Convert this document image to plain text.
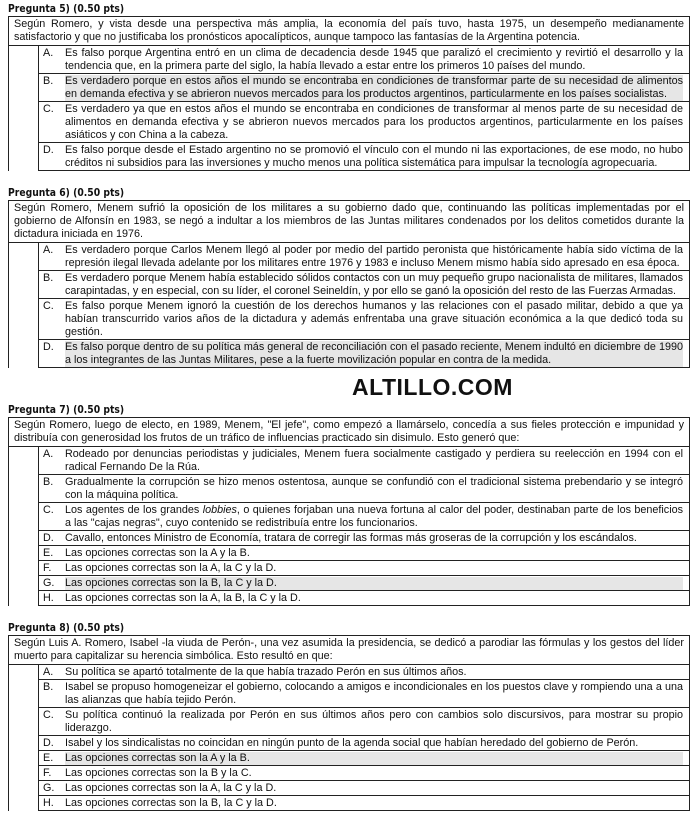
Pregunta 5) (0.50 pts)
Según Romero, y vista desde una perspectiva más amplia, la economía del país tuvo, hasta 1975, un desempeño medianamente satisfactorio y que no justificaba los pronósticos apocalípticos, aunque tampoco las fantasías de la Argentina potencia.	

	A. Es falso porque Argentina entró en un clima de decadencia desde 1945 que paralizó el crecimiento y revirtió el desarrollo y la tendencia que, en la primera parte del siglo, la había llevado a estar entre los primeros 10 países del mundo.

	B. Es verdadero porque en estos años el mundo se encontraba en condiciones de transformar parte de su necesidad de alimentos en demanda efectiva y se abrieron nuevos mercados para los productos argentinos, particularmente en los países socialistas.

	C. Es verdadero ya que en estos años el mundo se encontraba en condiciones de transformar al menos parte de su necesidad de alimentos en demanda efectiva y se abrieron nuevos mercados para los productos argentinos, particularmente en los países asiáticos y con China a la cabeza.

	D. Es falso porque desde el Estado argentino no se promovió el vínculo con el mundo ni las exportaciones, de ese modo, no hubo créditos ni subsidios para las inversiones y mucho menos una política sistemática para impulsar la tecnología agropecuaria.
Pregunta 6) (0.50 pts)
Según Romero, Menem sufrió la oposición de los militares a su gobierno dado que, continuando las políticas implementadas por el gobierno de Alfonsín en 1983, se negó a indultar a los miembros de las Juntas militares condenados por los delitos cometidos durante la dictadura iniciada en 1976.	

	A. Es verdadero porque Carlos Menem llegó al poder por medio del partido peronista que históricamente había sido víctima de la represión ilegal llevada adelante por los militares entre 1976 y 1983 e incluso Menem mismo había sido apresado en esa época.

	B. Es verdadero porque Menem había establecido sólidos contactos con un muy pequeño grupo nacionalista de militares, llamados carapintadas, y en especial, con su líder, el coronel Seineldín, y por ello se ganó la oposición del resto de las Fuerzas Armadas.

	C. Es falso porque Menem ignoró la cuestión de los derechos humanos y las relaciones con el pasado militar, debido a que ya habían transcurrido varios años de la dictadura y además enfrentaba una grave situación económica a la que dedicó toda su gestión.

	D. Es falso porque dentro de su política más general de reconciliación con el pasado reciente, Menem indultó en diciembre de 1990 a los integrantes de las Juntas Militares, pese a la fuerte movilización popular en contra de la medida.
ALTILLO.COM
Pregunta 7) (0.50 pts)
Según Romero, luego de electo, en 1989, Menem, "El jefe", como empezó a llamárselo, concedía a sus fieles protección e impunidad y distribuía con generosidad los frutos de un tráfico de influencias practicado sin disimulo. Esto generó que:	

	A. Rodeado por denuncias periodistas y judiciales, Menem fuera socialmente castigado y perdiera su reelección en 1994 con el radical Fernando De la Rúa.

	B. Gradualmente la corrupción se hizo menos ostentosa, aunque se confundió con el tradicional sistema prebendario y se integró con la máquina política.

	C. Los agentes de los grandes lobbies, o quienes forjaban una nueva fortuna al calor del poder, destinaban parte de los beneficios a las "cajas negras", cuyo contenido se redistribuía entre los funcionarios.

	D. Cavallo, entonces Ministro de Economía, tratara de corregir las formas más groseras de la corrupción y los escándalos.

	E. Las opciones correctas son la A y la B.

	F. Las opciones correctas son la A, la C y la D.

	G. Las opciones correctas son la B, la C y la D.

	H. Las opciones correctas son la A, la B, la C y la D.
Pregunta 8) (0.50 pts)
Según Luis A. Romero, Isabel -la viuda de Perón-, una vez asumida la presidencia, se dedicó a parodiar las fórmulas y los gestos del líder muerto para capitalizar su herencia simbólica. Esto resultó en que:	

	A. Su política se apartó totalmente de la que había trazado Perón en sus últimos años.

	B. Isabel se propuso homogeneizar el gobierno, colocando a amigos e incondicionales en los puestos clave y rompiendo una a una las alianzas que había tejido Perón.

	C. Su política continuó la realizada por Perón en sus últimos años pero con cambios solo discursivos, para mostrar su propio liderazgo.

	D. Isabel y los sindicalistas no coincidan en ningún punto de la agenda social que habían heredado del gobierno de Perón.

	E. Las opciones correctas son la A y la B.

	F. Las opciones correctas son la B y la C.

	G. Las opciones correctas son la A, la C y la D.

	H. Las opciones correctas son la B, la C y la D.
